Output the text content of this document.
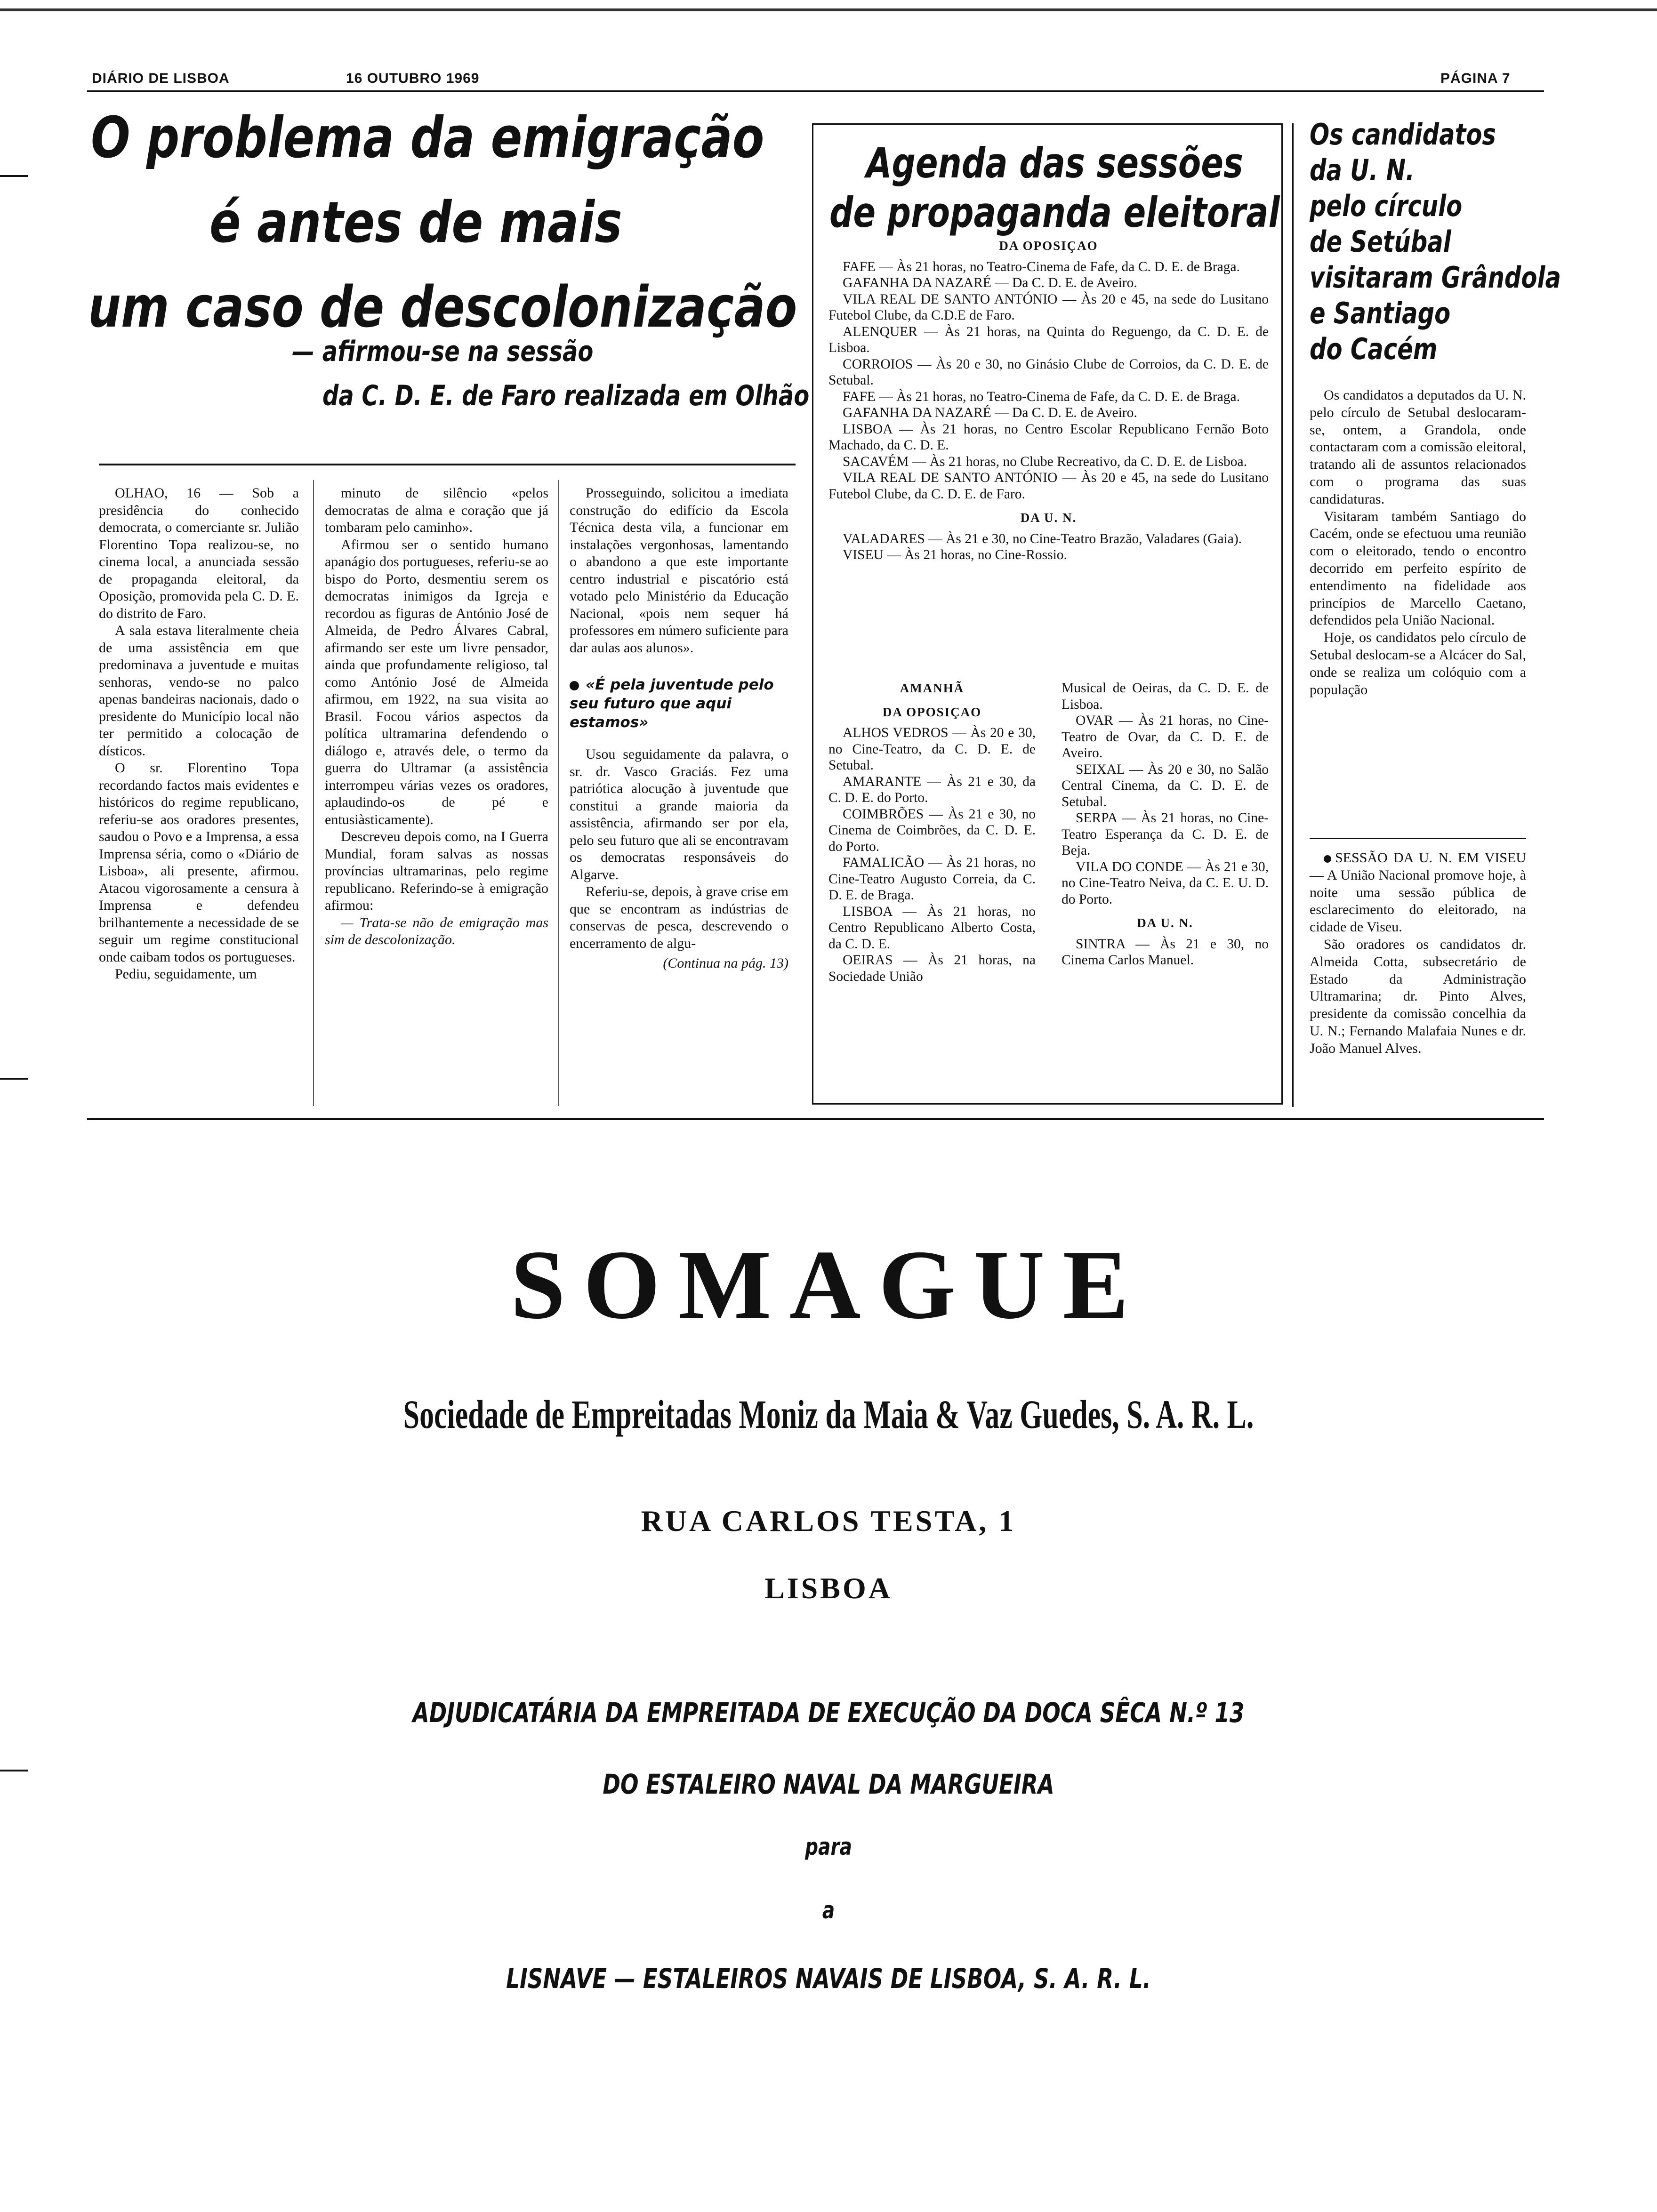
DIÁRIO DE LISBOA	16 OUTUBRO 1969	PÁGINA 7
O problema da emigração
é antes de mais
um caso de descolonização
— afirmou-se na sessão
da C. D. E. de Faro realizada em Olhão

OLHAO, 16 — Sob a presidência do conhecido democrata, o comerciante sr. Julião Florentino Topa realizou-se, no cinema local, a anunciada sessão de propaganda eleitoral, da Oposição, promovida pela C. D. E. do distrito de Faro.

A sala estava literalmente cheia de uma assistência em que predominava a juventude e muitas senhoras, vendo-se no palco apenas bandeiras nacionais, dado o presidente do Município local não ter permitido a colocação de dísticos.

O sr. Florentino Topa recordando factos mais evidentes e históricos do regime republicano, referiu-se aos oradores presentes, saudou o Povo e a Imprensa, a essa Imprensa séria, como o «Diário de Lisboa», ali presente, afirmou. Atacou vigorosamente a censura à Imprensa e defendeu brilhantemente a necessidade de se seguir um regime constitucional onde caibam todos os portugueses.

Pediu, seguidamente, um

minuto de silêncio «pelos democratas de alma e coração que já tombaram pelo caminho».

Afirmou ser o sentido humano apanágio dos portugueses, referiu-se ao bispo do Porto, desmentiu serem os democratas inimigos da Igreja e recordou as figuras de António José de Almeida, de Pedro Álvares Cabral, afirmando ser este um livre pensador, ainda que profundamente religioso, tal como António José de Almeida afirmou, em 1922, na sua visita ao Brasil. Focou vários aspectos da política ultramarina defendendo o diálogo e, através dele, o termo da guerra do Ultramar (a assistência interrompeu várias vezes os oradores, aplaudindo-os de pé e entusiàsticamente).

Descreveu depois como, na I Guerra Mundial, foram salvas as nossas províncias ultramarinas, pelo regime republicano. Referindo-se à emigração afirmou:

— Trata-se não de emigração mas sim de descolonização.

Prosseguindo, solicitou a imediata construção do edifício da Escola Técnica desta vila, a funcionar em instalações vergonhosas, lamentando o abandono a que este importante centro industrial e piscatório está votado pelo Ministério da Educação Nacional, «pois nem sequer há professores em número suficiente para dar aulas aos alunos».

«É pela juventude pelo seu futuro que aqui estamos»

Usou seguidamente da palavra, o sr. dr. Vasco Graciás. Fez uma patriótica alocução à juventude que constitui a grande maioria da assistência, afirmando ser por ela, pelo seu futuro que ali se encontravam os democratas responsáveis do Algarve.

Referiu-se, depois, à grave crise em que se encontram as indústrias de conservas de pesca, descrevendo o encerramento de algu-

(Continua na pág. 13)
Agenda das sessões
de propaganda eleitoral

DA OPOSIÇAO

FAFE — Às 21 horas, no Teatro-Cinema de Fafe, da C. D. E. de Braga.

GAFANHA DA NAZARÉ — Da C. D. E. de Aveiro.

VILA REAL DE SANTO ANTÓNIO — Às 20 e 45, na sede do Lusitano Futebol Clube, da C.D.E de Faro.

ALENQUER — Às 21 horas, na Quinta do Reguengo, da C. D. E. de Lisboa.

CORROIOS — Às 20 e 30, no Ginásio Clube de Corroios, da C. D. E. de Setubal.

FAFE — Às 21 horas, no Teatro-Cinema de Fafe, da C. D. E. de Braga.

GAFANHA DA NAZARÉ — Da C. D. E. de Aveiro.

LISBOA — Às 21 horas, no Centro Escolar Republicano Fernão Boto Machado, da C. D. E.

SACAVÉM — Às 21 horas, no Clube Recreativo, da C. D. E. de Lisboa.

VILA REAL DE SANTO ANTÓNIO — Às 20 e 45, na sede do Lusitano Futebol Clube, da C. D. E. de Faro.

DA U. N.

VALADARES — Às 21 e 30, no Cine-Teatro Brazão, Valadares (Gaia).

VISEU — Às 21 horas, no Cine-Rossio.

AMANHÃ

DA OPOSIÇAO

ALHOS VEDROS — Às 20 e 30, no Cine-Teatro, da C. D. E. de Setubal.

AMARANTE — Às 21 e 30, da C. D. E. do Porto.

COIMBRÕES — Às 21 e 30, no Cinema de Coimbrões, da C. D. E. do Porto.

FAMALICÃO — Às 21 horas, no Cine-Teatro Augusto Correia, da C. D. E. de Braga.

LISBOA — Às 21 horas, no Centro Republicano Alberto Costa, da C. D. E.

OEIRAS — Às 21 horas, na Sociedade União

Musical de Oeiras, da C. D. E. de Lisboa.

OVAR — Às 21 horas, no Cine-Teatro de Ovar, da C. D. E. de Aveiro.

SEIXAL — Às 20 e 30, no Salão Central Cinema, da C. D. E. de Setubal.

SERPA — Às 21 horas, no Cine-Teatro Esperança da C. D. E. de Beja.

VILA DO CONDE — Às 21 e 30, no Cine-Teatro Neiva, da C. E. U. D. do Porto.

DA U. N.

SINTRA — Às 21 e 30, no Cinema Carlos Manuel.

Os candidatos
da U. N.
pelo círculo
de Setúbal
visitaram Grândola
e Santiago
do Cacém

Os candidatos a deputados da U. N. pelo círculo de Setubal deslocaram-se, ontem, a Grandola, onde contactaram com a comissão eleitoral, tratando ali de assuntos relacionados com o programa das suas candidaturas.

Visitaram também Santiago do Cacém, onde se efectuou uma reunião com o eleitorado, tendo o encontro decorrido em perfeito espírito de entendimento na fidelidade aos princípios de Marcello Caetano, defendidos pela União Nacional.

Hoje, os candidatos pelo círculo de Setubal deslocam-se a Alcácer do Sal, onde se realiza um colóquio com a população

SESSÃO DA U. N. EM VISEU — A União Nacional promove hoje, à noite uma sessão pública de esclarecimento do eleitorado, na cidade de Viseu.

São oradores os candidatos dr. Almeida Cotta, subsecretário de Estado da Administração Ultramarina; dr. Pinto Alves, presidente da comissão concelhia da U. N.; Fernando Malafaia Nunes e dr. João Manuel Alves.

SOMAGUE
Sociedade de Empreitadas Moniz da Maia & Vaz Guedes, S. A. R. L.
RUA CARLOS TESTA, 1
LISBOA
ADJUDICATÁRIA DA EMPREITADA DE EXECUÇÃO DA DOCA SÊCA N.º 13
DO ESTALEIRO NAVAL DA MARGUEIRA
para
a
LISNAVE — ESTALEIROS NAVAIS DE LISBOA, S. A. R. L.
